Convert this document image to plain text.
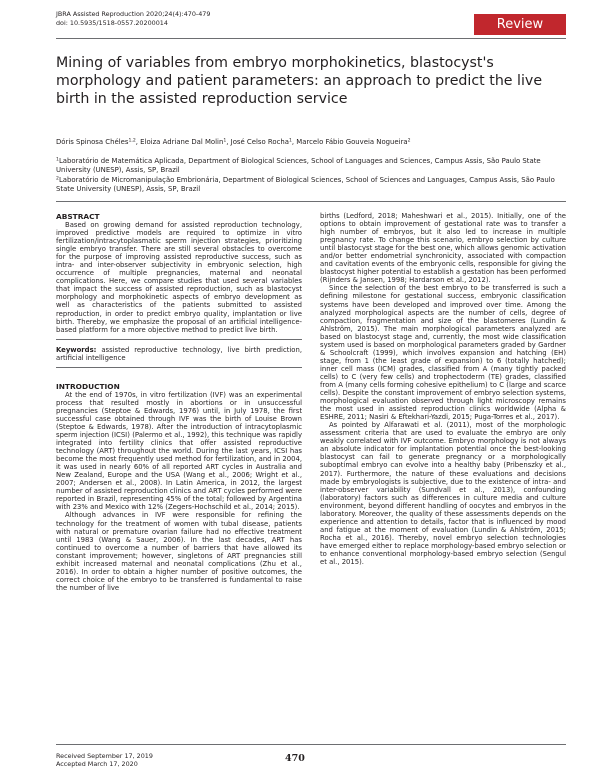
JBRA Assisted Reproduction 2020;24(4):470-479
doi: 10.5935/1518-0557.20200014	Review
Mining of variables from embryo morphokinetics, blastocyst's morphology and patient parameters: an approach to predict the live birth in the assisted reproduction service
Dóris Spinosa Chéles$^{1,2}$, Eloiza Adriane Dal Molin$^1$, José Celso Rocha$^1$, Marcelo Fábio Gouveia Nogueira$^2$
$^1$Laboratório de Matemática Aplicada, Department of Biological Sciences, School of Languages and Sciences, Campus Assis, São Paulo State University (UNESP), Assis, SP, Brazil
$^2$Laboratório de Micromanipulação Embrionária, Department of Biological Sciences, School of Sciences and Languages, Campus Assis, São Paulo State University (UNESP), Assis, SP, Brazil
ABSTRACT

Based on growing demand for assisted reproduction technology, improved predictive models are required to optimize in vitro fertilization/intracytoplasmatic sperm injection strategies, prioritizing single embryo transfer. There are still several obstacles to overcome for the purpose of improving assisted reproductive success, such as intra- and inter-observer subjectivity in embryonic selection, high occurrence of multiple pregnancies, maternal and neonatal complications. Here, we compare studies that used several variables that impact the success of assisted reproduction, such as blastocyst morphology and morphokinetic aspects of embryo development as well as characteristics of the patients submitted to assisted reproduction, in order to predict embryo quality, implantation or live birth. Thereby, we emphasize the proposal of an artificial intelligence-based platform for a more objective method to predict live birth.

Keywords: assisted reproductive technology, live birth prediction, artificial intelligence

INTRODUCTION

At the end of 1970s, in vitro fertilization (IVF) was an experimental process that resulted mostly in abortions or in unsuccessful pregnancies (Steptoe & Edwards, 1976) until, in July 1978, the first successful case obtained through IVF was the birth of Louise Brown (Steptoe & Edwards, 1978). After the introduction of intracytoplasmic sperm injection (ICSI) (Palermo et al., 1992), this technique was rapidly integrated into fertility clinics that offer assisted reproductive technology (ART) throughout the world. During the last years, ICSI has become the most frequently used method for fertilization, and in 2004, it was used in nearly 60% of all reported ART cycles in Australia and New Zealand, Europe and the USA (Wang et al., 2006; Wright et al., 2007; Andersen et al., 2008). In Latin America, in 2012, the largest number of assisted reproduction clinics and ART cycles performed were reported in Brazil, representing 45% of the total; followed by Argentina with 23% and Mexico with 12% (Zegers-Hochschild et al., 2014; 2015).

Although advances in IVF were responsible for refining the technology for the treatment of women with tubal disease, patients with natural or premature ovarian failure had no effective treatment until 1983 (Wang & Sauer, 2006). In the last decades, ART has continued to overcome a number of barriers that have allowed its constant improvement; however, singletons of ART pregnancies still exhibit increased maternal and neonatal complications (Zhu et al., 2016). In order to obtain a higher number of positive outcomes, the correct choice of the embryo to be transferred is fundamental to raise the number of live

births (Ledford, 2018; Maheshwari et al., 2015). Initially, one of the options to obtain improvement of gestational rate was to transfer a high number of embryos, but it also led to increase in multiple pregnancy rate. To change this scenario, embryo selection by culture until blastocyst stage for the best one, which allows genomic activation and/or better endometrial synchronicity, associated with compaction and cavitation events of the embryonic cells, responsible for giving the blastocyst higher potential to establish a gestation has been performed (Rijnders & Jansen, 1998; Hardarson et al., 2012).

Since the selection of the best embryo to be transferred is such a defining milestone for gestational success, embryonic classification systems have been developed and improved over time. Among the analyzed morphological aspects are the number of cells, degree of compaction, fragmentation and size of the blastomeres (Lundin & Ahlström, 2015). The main morphological parameters analyzed are based on blastocyst stage and, currently, the most wide classification system used is based on morphological parameters graded by Gardner & Schoolcraft (1999), which involves expansion and hatching (EH) stage, from 1 (the least grade of expansion) to 6 (totally hatched); inner cell mass (ICM) grades, classified from A (many tightly packed cells) to C (very few cells) and trophectoderm (TE) grades, classified from A (many cells forming cohesive epithelium) to C (large and scarce cells). Despite the constant improvement of embryo selection systems, morphological evaluation observed through light microscopy remains the most used in assisted reproduction clinics worldwide (Alpha & ESHRE, 2011; Nasiri & Eftekhari-Yazdi, 2015; Puga-Torres et al., 2017).

As pointed by Alfarawati et al. (2011), most of the morphologic assessment criteria that are used to evaluate the embryo are only weakly correlated with IVF outcome. Embryo morphology is not always an absolute indicator for implantation potential once the best-looking blastocyst can fail to generate pregnancy or a morphologically suboptimal embryo can evolve into a healthy baby (Pribenszky et al., 2017). Furthermore, the nature of these evaluations and decisions made by embryologists is subjective, due to the existence of intra- and inter-observer variability (Sundvall et al., 2013), confounding (laboratory) factors such as differences in culture media and culture environment, beyond different handling of oocytes and embryos in the laboratory. Moreover, the quality of these assessments depends on the experience and attention to details, factor that is influenced by mood and fatigue at the moment of evaluation (Lundin & Ahlström, 2015; Rocha et al., 2016). Thereby, novel embryo selection technologies have emerged either to replace morphology-based embryo selection or to enhance conventional morphology-based embryo selection (Sengul et al., 2015).

Received September 17, 2019
Accepted March 17, 2020	470
